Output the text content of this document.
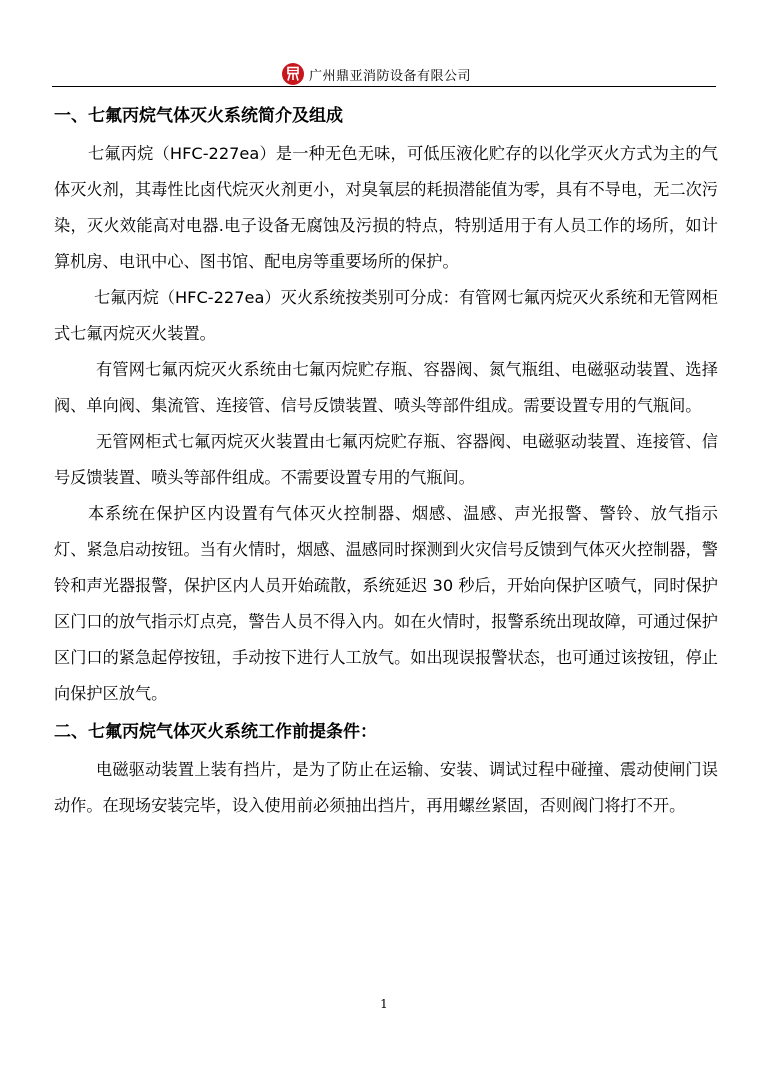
广州鼎亚消防设备有限公司
一、七氟丙烷气体灭火系统简介及组成
七氟丙烷（HFC-227ea）是一种无色无味，可低压液化贮存的以化学灭火方式为主的气体灭火剂，其毒性比卤代烷灭火剂更小，对臭氧层的耗损潜能值为零，具有不导电，无二次污染，灭火效能高对电器.电子设备无腐蚀及污损的特点，特别适用于有人员工作的场所，如计算机房、电讯中心、图书馆、配电房等重要场所的保护。
七氟丙烷（HFC-227ea）灭火系统按类别可分成：有管网七氟丙烷灭火系统和无管网柜式七氟丙烷灭火装置。
有管网七氟丙烷灭火系统由七氟丙烷贮存瓶、容器阀、氮气瓶组、电磁驱动装置、选择阀、单向阀、集流管、连接管、信号反馈装置、喷头等部件组成。需要设置专用的气瓶间。
无管网柜式七氟丙烷灭火装置由七氟丙烷贮存瓶、容器阀、电磁驱动装置、连接管、信号反馈装置、喷头等部件组成。不需要设置专用的气瓶间。
本系统在保护区内设置有气体灭火控制器、烟感、温感、声光报警、警铃、放气指示灯、紧急启动按钮。当有火情时，烟感、温感同时探测到火灾信号反馈到气体灭火控制器，警铃和声光器报警，保护区内人员开始疏散，系统延迟 30 秒后，开始向保护区喷气，同时保护区门口的放气指示灯点亮，警告人员不得入内。如在火情时，报警系统出现故障，可通过保护区门口的紧急起停按钮，手动按下进行人工放气。如出现误报警状态，也可通过该按钮，停止向保护区放气。
二、七氟丙烷气体灭火系统工作前提条件：
电磁驱动装置上装有挡片，是为了防止在运输、安装、调试过程中碰撞、震动使闸门误动作。在现场安装完毕，设入使用前必须抽出挡片，再用螺丝紧固，否则阀门将打不开。
1
